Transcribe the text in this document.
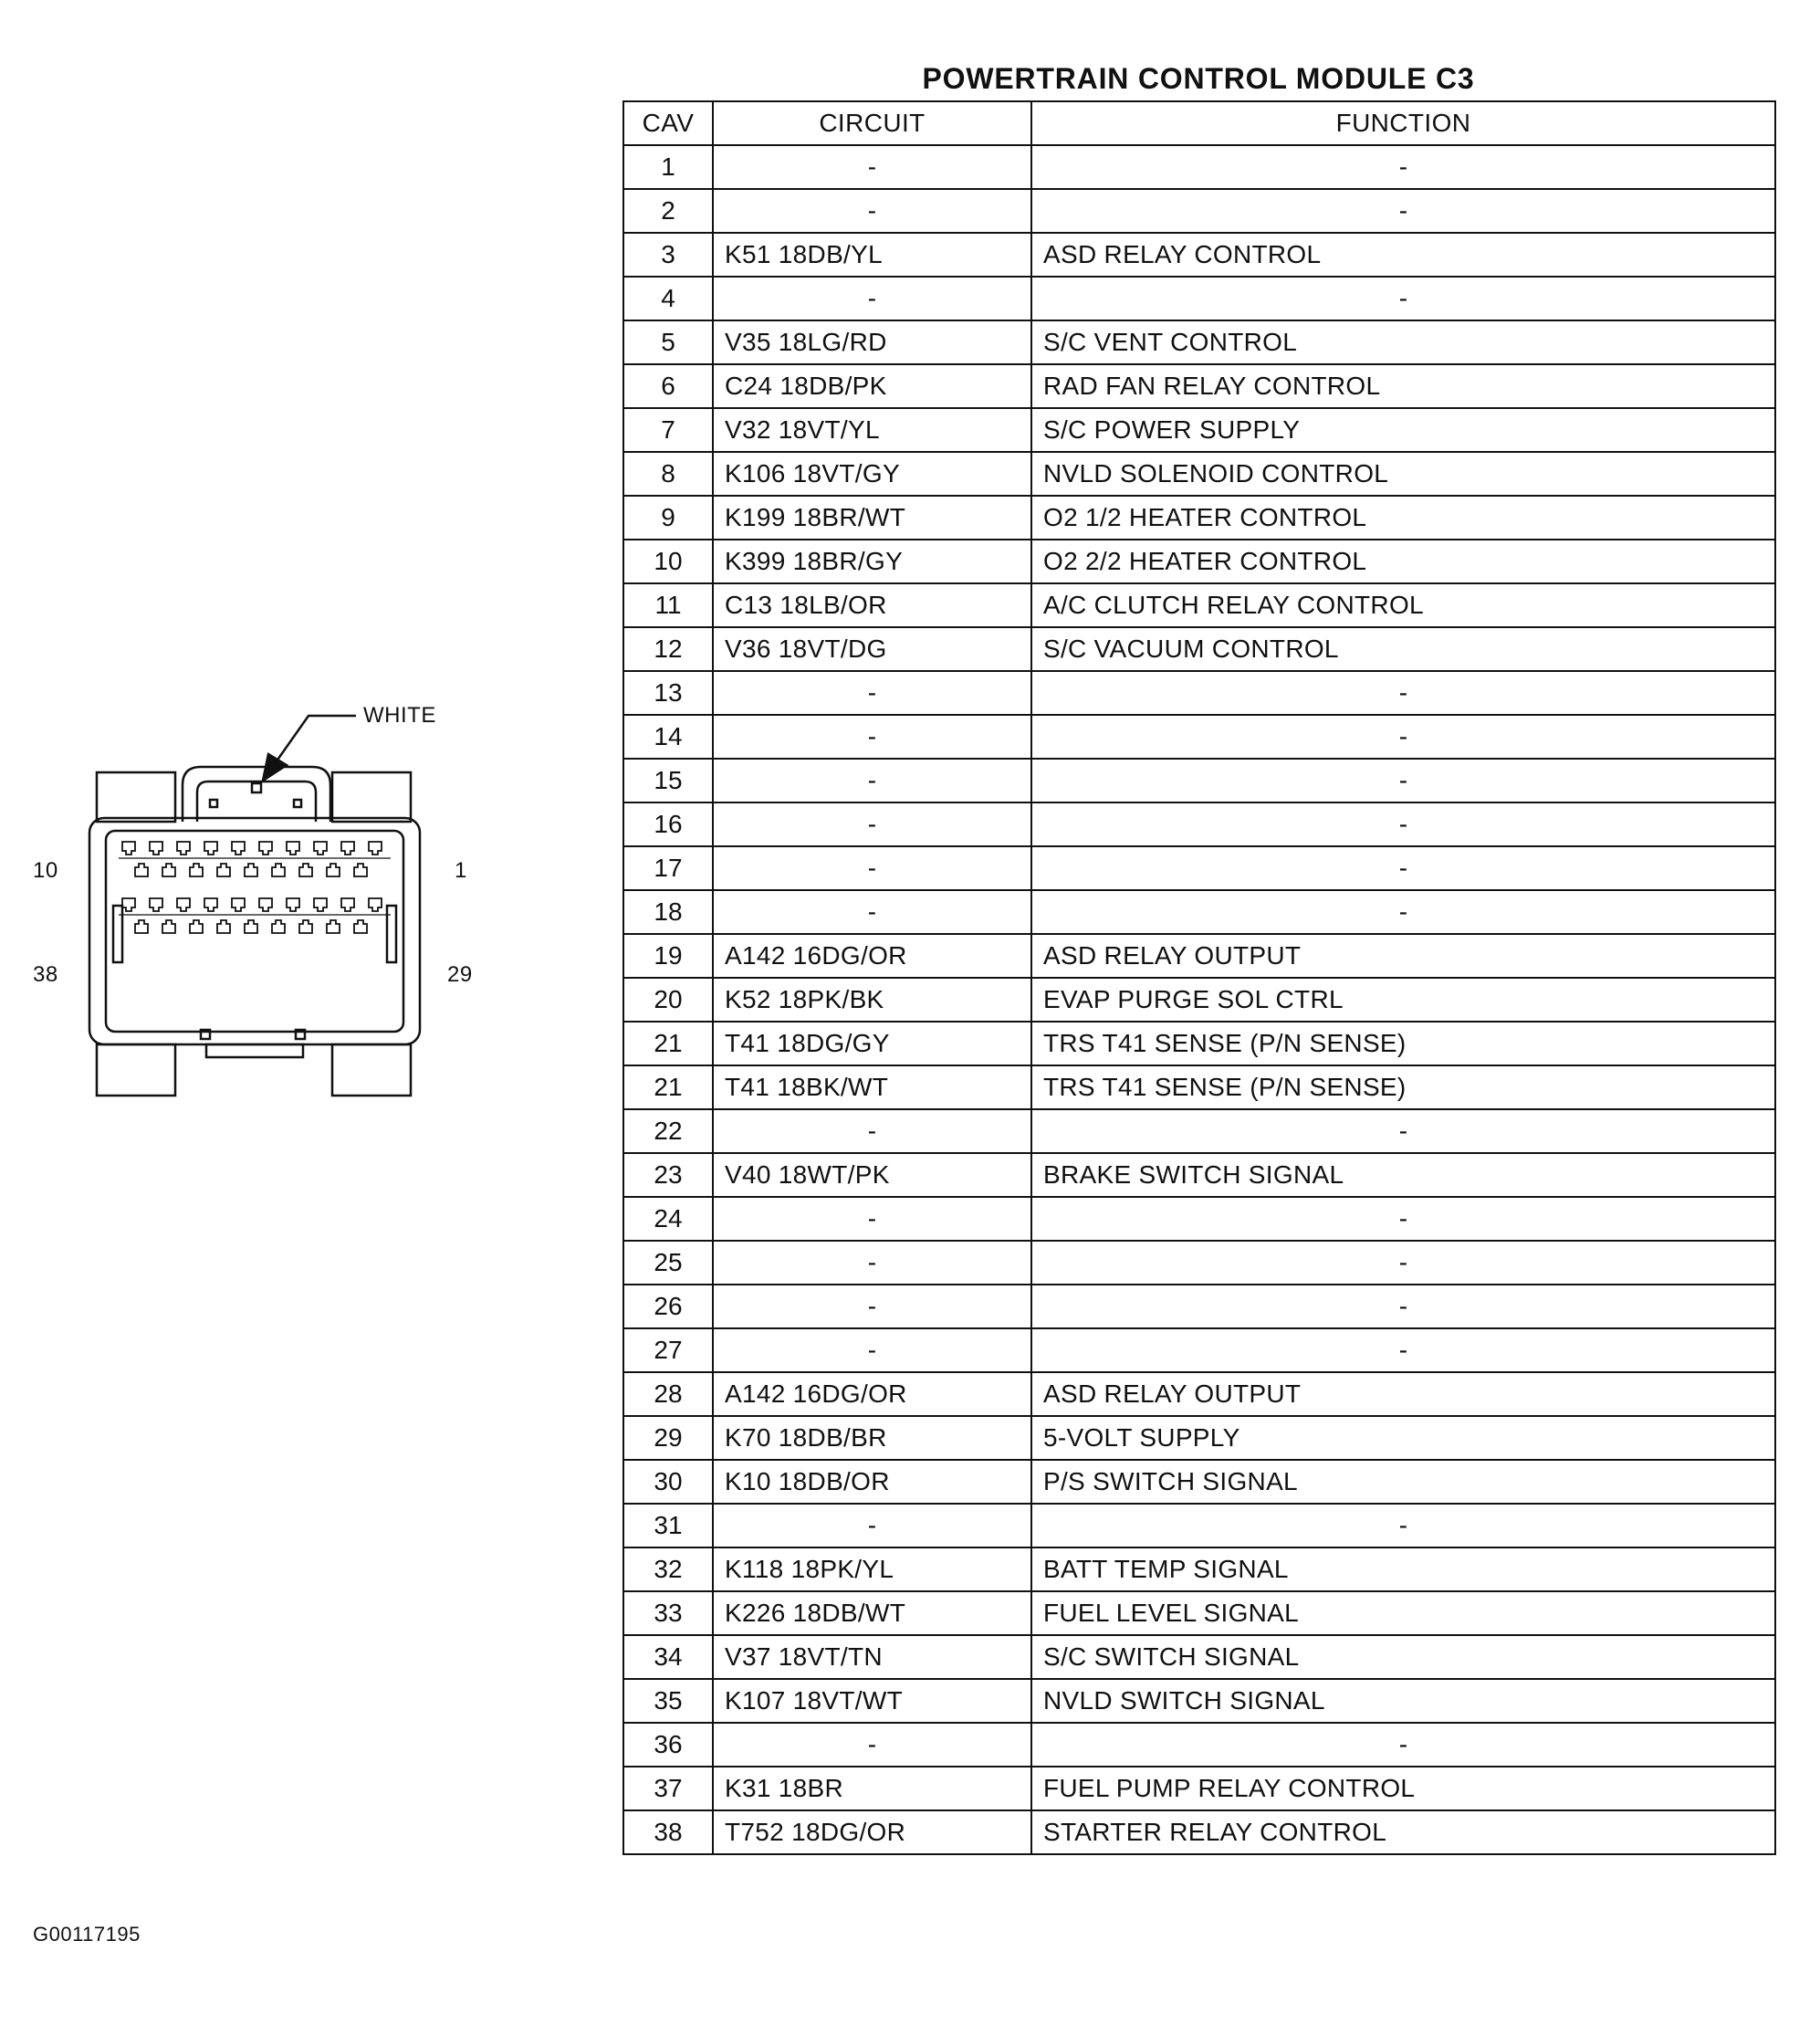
WHITE
10	1
38	29
POWERTRAIN CONTROL MODULE C3
CAV	CIRCUIT	FUNCTION
1	-	-
2	-	-
3	K51 18DB/YL	ASD RELAY CONTROL
4	-	-
5	V35 18LG/RD	S/C VENT CONTROL
6	C24 18DB/PK	RAD FAN RELAY CONTROL
7	V32 18VT/YL	S/C POWER SUPPLY
8	K106 18VT/GY	NVLD SOLENOID CONTROL
9	K199 18BR/WT	O2 1/2 HEATER CONTROL
10	K399 18BR/GY	O2 2/2 HEATER CONTROL
11	C13 18LB/OR	A/C CLUTCH RELAY CONTROL
12	V36 18VT/DG	S/C VACUUM CONTROL
13	-	-
14	-	-
15	-	-
16	-	-
17	-	-
18	-	-
19	A142 16DG/OR	ASD RELAY OUTPUT
20	K52 18PK/BK	EVAP PURGE SOL CTRL
21	T41 18DG/GY	TRS T41 SENSE (P/N SENSE)
21	T41 18BK/WT	TRS T41 SENSE (P/N SENSE)
22	-	-
23	V40 18WT/PK	BRAKE SWITCH SIGNAL
24	-	-
25	-	-
26	-	-
27	-	-
28	A142 16DG/OR	ASD RELAY OUTPUT
29	K70 18DB/BR	5-VOLT SUPPLY
30	K10 18DB/OR	P/S SWITCH SIGNAL
31	-	-
32	K118 18PK/YL	BATT TEMP SIGNAL
33	K226 18DB/WT	FUEL LEVEL SIGNAL
34	V37 18VT/TN	S/C SWITCH SIGNAL
35	K107 18VT/WT	NVLD SWITCH SIGNAL
36	-	-
37	K31 18BR	FUEL PUMP RELAY CONTROL
38	T752 18DG/OR	STARTER RELAY CONTROL
G00117195
